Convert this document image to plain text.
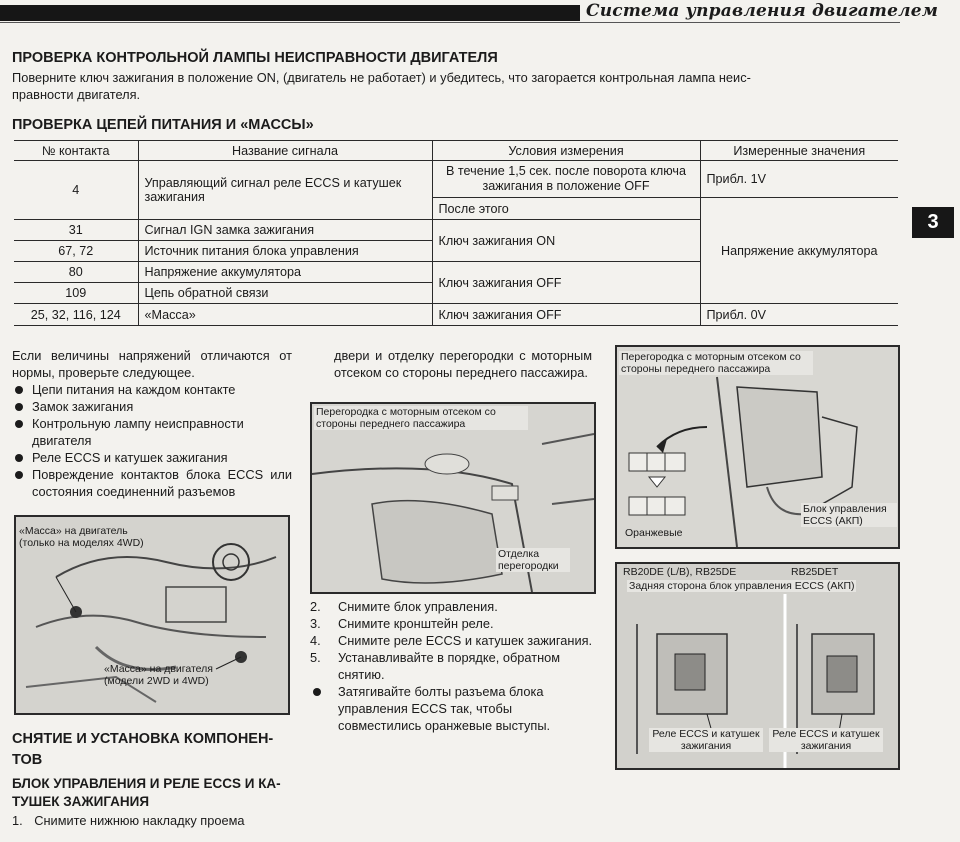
Система управления двигателем
3
ПРОВЕРКА КОНТРОЛЬНОЙ ЛАМПЫ НЕИСПРАВНОСТИ ДВИГАТЕЛЯ
Поверните ключ зажигания в положение ON, (двигатель не работает) и убедитесь, что загорается контрольная лампа неис-
правности двигателя.
ПРОВЕРКА ЦЕПЕЙ ПИТАНИЯ И «МАССЫ»
№ контакта	Название сигнала	Условия измерения	Измеренные значения
4	Управляющий сигнал реле ECCS и катушек зажигания	В течение 1,5 сек. после поворота ключа зажигания в положение OFF	Прибл. 1V
		После этого	Напряжение аккумулятора
31	Сигнал IGN замка зажигания	Ключ зажигания ON	
67, 72	Источник питания блока управления		
80	Напряжение аккумулятора	Ключ зажигания OFF	
109	Цепь обратной связи		
25, 32, 116, 124	«Масса»	Ключ зажигания OFF	Прибл. 0V
Если величины напряжений отличаются от нормы, проверьте следующее.
Цепи питания на каждом контакте
Замок зажигания
Контрольную лампу неисправности двигателя
Реле ECCS и катушек зажигания
Повреждение контактов блока ECCS или состояния соединенний разъемов
«Масса» на двигатель (только на моделях 4WD)
«Масса» на двигателя (модели 2WD и 4WD)
СНЯТИЕ И УСТАНОВКА КОМПОНЕН-ТОВ
БЛОК УПРАВЛЕНИЯ И РЕЛЕ ECCS И КА-ТУШЕК ЗАЖИГАНИЯ
1. Снимите нижнюю накладку проема
двери и отделку перегородки с моторным отсеком со стороны переднего пассажира.
Перегородка с моторным отсеком со стороны переднего пассажира
Отделка перегородки
2. Снимите блок управления.
3. Снимите кронштейн реле.
4. Снимите реле ECCS и катушек зажигания.
5. Устанавливайте в порядке, обратном снятию.
Затягивайте болты разъема блока управления ECCS так, чтобы совместились оранжевые выступы.
Перегородка с моторным отсеком со стороны переднего пассажира
Оранжевые
Блок управления ECCS (АКП)
RB20DE (L/B), RB25DE	RB25DET
Задняя сторона блок управления ECCS (АКП)
Реле ECCS и катушек зажигания
Реле ECCS и катушек зажигания
